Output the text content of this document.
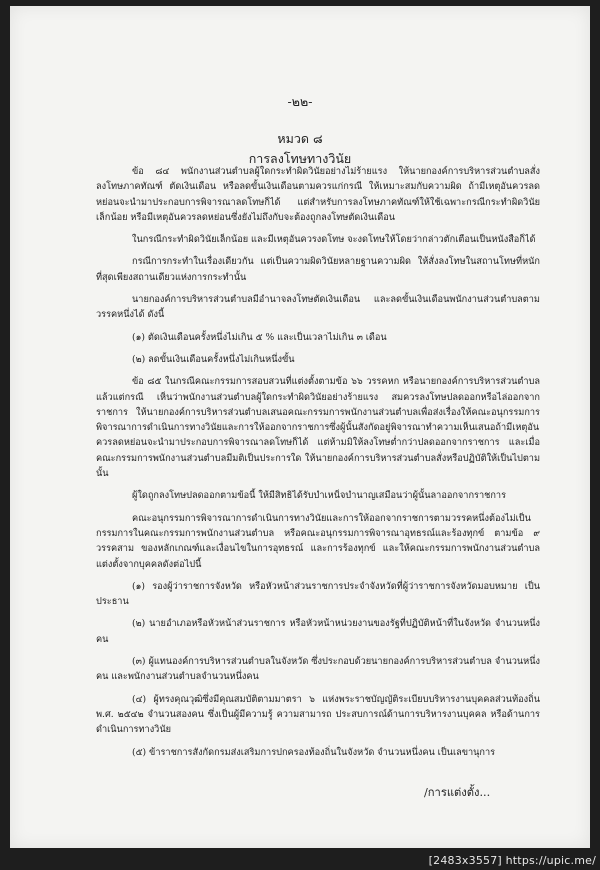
-๒๒-
หมวด ๘
การลงโทษทางวินัย

ข้อ ๘๔ พนักงานส่วนตำบลผู้ใดกระทำผิดวินัยอย่างไม่ร้ายแรง ให้นายกองค์การบริหารส่วนตำบลสั่งลงโทษภาคทัณฑ์ ตัดเงินเดือน หรือลดขั้นเงินเดือนตามควรแก่กรณี ให้เหมาะสมกับความผิด ถ้ามีเหตุอันควรลดหย่อนจะนำมาประกอบการพิจารณาลดโทษก็ได้ แต่สำหรับการลงโทษภาคทัณฑ์ให้ใช้เฉพาะกรณีกระทำผิดวินัยเล็กน้อย หรือมีเหตุอันควรลดหย่อนซึ่งยังไม่ถึงกับจะต้องถูกลงโทษตัดเงินเดือน

ในกรณีกระทำผิดวินัยเล็กน้อย และมีเหตุอันควรงดโทษ จะงดโทษให้โดยว่ากล่าวตักเตือนเป็นหนังสือก็ได้

กรณีการกระทำในเรื่องเดียวกัน แต่เป็นความผิดวินัยหลายฐานความผิด ให้สั่งลงโทษในสถานโทษที่หนักที่สุดเพียงสถานเดียวแห่งการกระทำนั้น

นายกองค์การบริหารส่วนตำบลมีอำนาจลงโทษตัดเงินเดือน และลดขั้นเงินเดือนพนักงานส่วนตำบลตามวรรคหนึ่งได้ ดังนี้

(๑) ตัดเงินเดือนครั้งหนึ่งไม่เกิน ๕ % และเป็นเวลาไม่เกิน ๓ เดือน

(๒) ลดขั้นเงินเดือนครั้งหนึ่งไม่เกินหนึ่งขั้น

ข้อ ๘๕ ในกรณีคณะกรรมการสอบสวนที่แต่งตั้งตามข้อ ๖๖ วรรคหก หรือนายกองค์การบริหารส่วนตำบลแล้วแต่กรณี เห็นว่าพนักงานส่วนตำบลผู้ใดกระทำผิดวินัยอย่างร้ายแรง สมควรลงโทษปลดออกหรือไล่ออกจากราชการ ให้นายกองค์การบริหารส่วนตำบลเสนอคณะกรรมการพนักงานส่วนตำบลเพื่อส่งเรื่องให้คณะอนุกรรมการพิจารณาการดำเนินการทางวินัยและการให้ออกจากราชการซึ่งผู้นั้นสังกัดอยู่พิจารณาทำความเห็นเสนอถ้ามีเหตุอันควรลดหย่อนจะนำมาประกอบการพิจารณาลดโทษก็ได้ แต่ห้ามมิให้ลงโทษต่ำกว่าปลดออกจากราชการ และเมื่อคณะกรรมการพนักงานส่วนตำบลมีมติเป็นประการใด ให้นายกองค์การบริหารส่วนตำบลสั่งหรือปฏิบัติให้เป็นไปตามนั้น

ผู้ใดถูกลงโทษปลดออกตามข้อนี้ ให้มีสิทธิได้รับบำเหน็จบำนาญเสมือนว่าผู้นั้นลาออกจากราชการ

คณะอนุกรรมการพิจารณาการดำเนินการทางวินัยและการให้ออกจากราชการตามวรรคหนึ่งต้องไม่เป็นกรรมการในคณะกรรมการพนักงานส่วนตำบล หรือคณะอนุกรรมการพิจารณาอุทธรณ์และร้องทุกข์ ตามข้อ ๙ วรรคสาม ของหลักเกณฑ์และเงื่อนไขในการอุทธรณ์ และการร้องทุกข์ และให้คณะกรรมการพนักงานส่วนตำบลแต่งตั้งจากบุคคลดังต่อไปนี้

(๑) รองผู้ว่าราชการจังหวัด หรือหัวหน้าส่วนราชการประจำจังหวัดที่ผู้ว่าราชการจังหวัดมอบหมาย เป็นประธาน

(๒) นายอำเภอหรือหัวหน้าส่วนราชการ หรือหัวหน้าหน่วยงานของรัฐที่ปฏิบัติหน้าที่ในจังหวัด จำนวนหนึ่งคน

(๓) ผู้แทนองค์การบริหารส่วนตำบลในจังหวัด ซึ่งประกอบด้วยนายกองค์การบริหารส่วนตำบล จำนวนหนึ่งคน และพนักงานส่วนตำบลจำนวนหนึ่งคน

(๔) ผู้ทรงคุณวุฒิซึ่งมีคุณสมบัติตามมาตรา ๖ แห่งพระราชบัญญัติระเบียบบริหารงานบุคคลส่วนท้องถิ่น พ.ศ. ๒๕๔๒ จำนวนสองคน ซึ่งเป็นผู้มีความรู้ ความสามารถ ประสบการณ์ด้านการบริหารงานบุคคล หรือด้านการดำเนินการทางวินัย

(๕) ข้าราชการสังกัดกรมส่งเสริมการปกครองท้องถิ่นในจังหวัด จำนวนหนึ่งคน เป็นเลขานุการ

/การแต่งตั้ง...
[2483x3557] https://upic.me/
